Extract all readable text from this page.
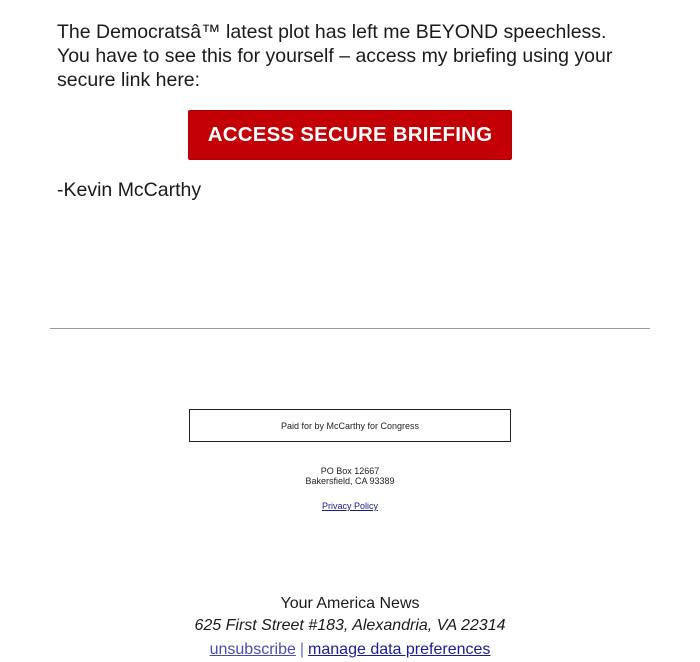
The Democratsâ™ latest plot has left me BEYOND speechless.
You have to see this for yourself – access my briefing using your
secure link here:
ACCESS SECURE BRIEFING
-Kevin McCarthy
Paid for by McCarthy for Congress
PO Box 12667
Bakersfield, CA 93389
Privacy Policy
Your America News
625 First Street #183, Alexandria, VA 22314
unsubscribe | manage data preferences
